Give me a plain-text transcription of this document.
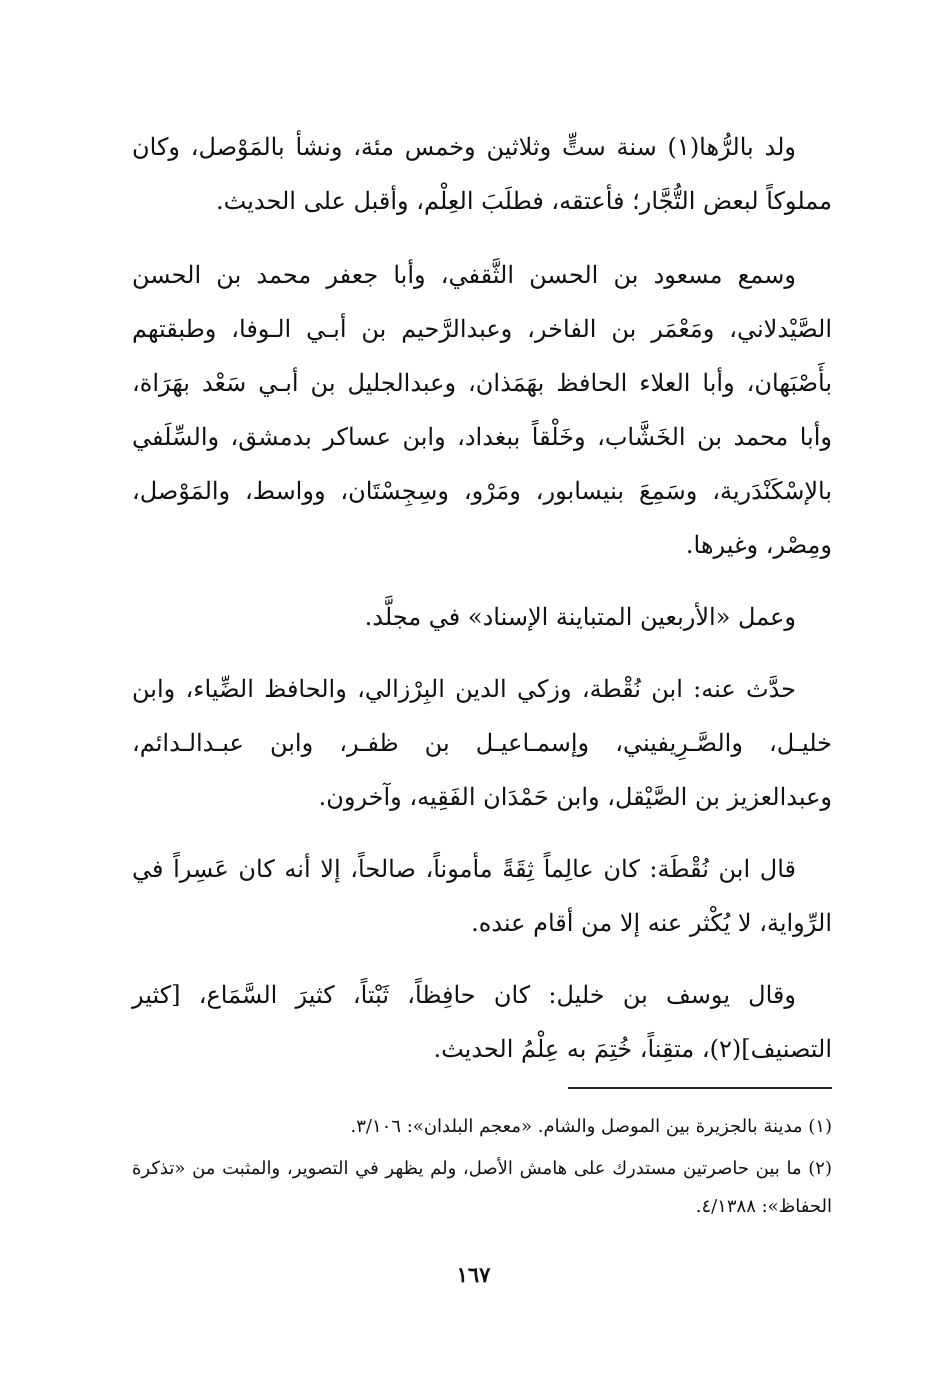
ولد بالرُّها(١) سنة ستٍّ وثلاثين وخمس مئة، ونشأ بالمَوْصل، وكان مملوكاً لبعض التُّجَّار؛ فأعتقه، فطلَبَ العِلْم، وأقبل على الحديث.

وسمع مسعود بن الحسن الثَّقفي، وأبا جعفر محمد بن الحسن الصَّيْدلاني، ومَعْمَر بن الفاخر، وعبدالرَّحيم بن أبـي الـوفا، وطبقتهم بأَصْبَهان، وأبا العلاء الحافظ بهَمَذان، وعبدالجليل بن أبـي سَعْد بهَرَاة، وأبا محمد بن الخَشَّاب، وخَلْقاً ببغداد، وابن عساكر بدمشق، والسِّلَفي بالإسْكَنْدَرية، وسَمِعَ بنيسابور، ومَرْو، وسِجِسْتَان، وواسط، والمَوْصل، ومِصْر، وغيرها.

وعمل «الأربعين المتباينة الإسناد» في مجلَّد.

حدَّث عنه: ابن نُقْطة، وزكي الدين البِرْزالي، والحافظ الضِّياء، وابن خليـل، والصَّـرِيفيني، وإسمـاعيـل بن ظفـر، وابن عبـدالـدائم، وعبدالعزيز بن الصَّيْقل، وابن حَمْدَان الفَقِيه، وآخرون.

قال ابن نُقْطَة: كان عالِماً ثِقَةً مأموناً، صالحاً، إلا أنه كان عَسِراً في الرِّواية، لا يُكْثر عنه إلا من أقام عنده.

وقال يوسف بن خليل: كان حافِظاً، ثَبْتاً، كثيرَ السَّمَاع، [كثير التصنيف](٢)، متقِناً، خُتِمَ به عِلْمُ الحديث.

(١) مدينة بالجزيرة بين الموصل والشام. «معجم البلدان»: ٣/١٠٦.

(٢) ما بين حاصرتين مستدرك على هامش الأصل، ولم يظهر في التصوير، والمثبت من «تذكرة الحفاظ»: ٤/١٣٨٨.

١٦٧
